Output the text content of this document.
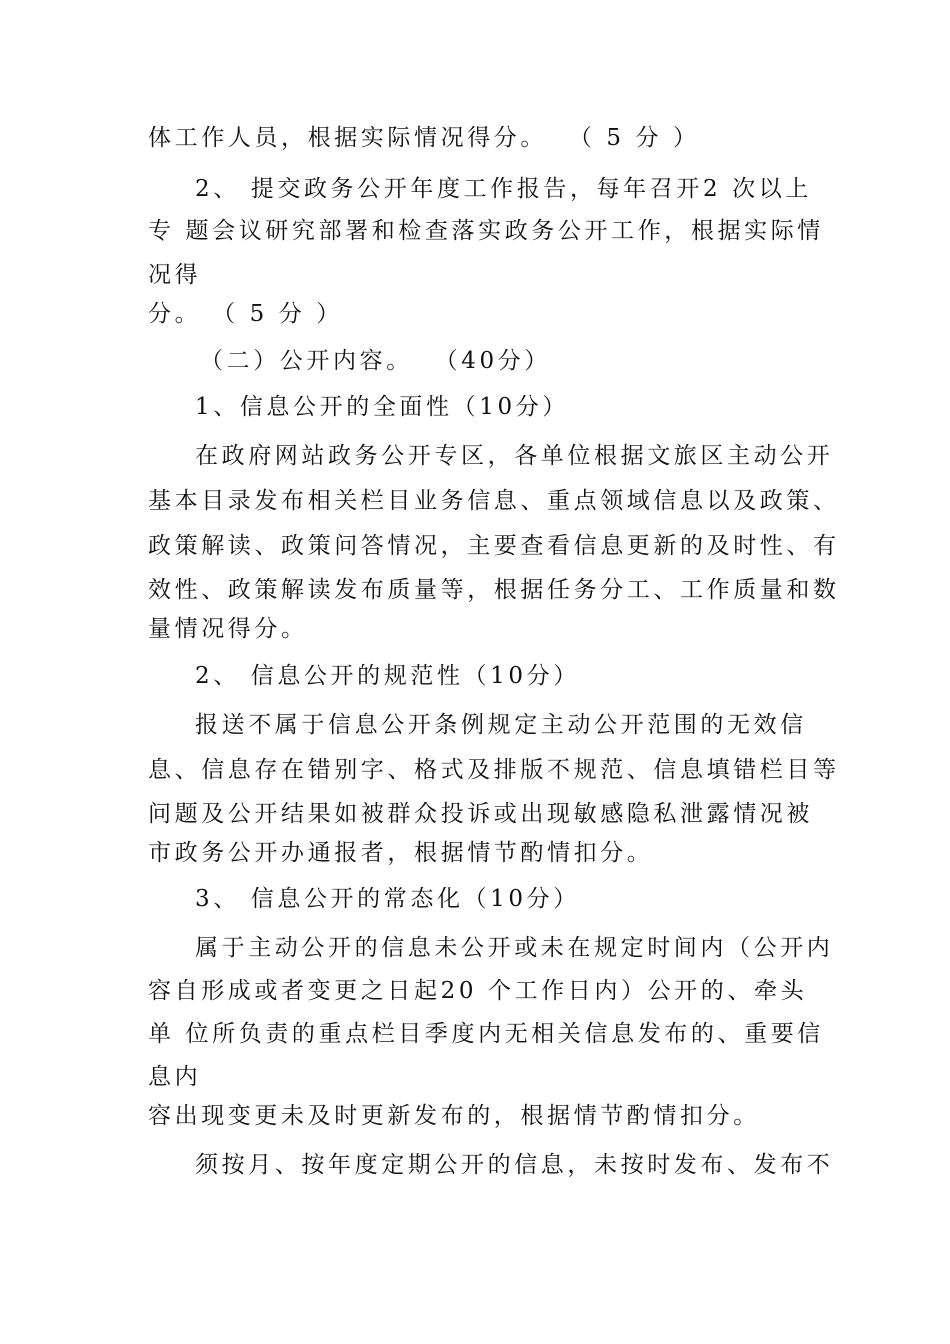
体工作人员，根据实际情况得分。  （ 5 分 ）
2、 提交政务公开年度工作报告，每年召开2 次以上
专 题会议研究部署和检查落实政务公开工作，根据实际情
况得
分。 （ 5 分 ）
（二）公开内容。  （40分）
1、信息公开的全面性（10分）
在政府网站政务公开专区，各单位根据文旅区主动公开
基本目录发布相关栏目业务信息、重点领域信息以及政策、
政策解读、政策问答情况，主要查看信息更新的及时性、有
效性、政策解读发布质量等，根据任务分工、工作质量和数
量情况得分。
2、 信息公开的规范性（10分）
报送不属于信息公开条例规定主动公开范围的无效信
息、信息存在错别字、格式及排版不规范、信息填错栏目等
问题及公开结果如被群众投诉或出现敏感隐私泄露情况被
市政务公开办通报者，根据情节酌情扣分。
3、 信息公开的常态化（10分）
属于主动公开的信息未公开或未在规定时间内（公开内
容自形成或者变更之日起20 个工作日内）公开的、牵头
单 位所负责的重点栏目季度内无相关信息发布的、重要信
息内
容出现变更未及时更新发布的，根据情节酌情扣分。
须按月、按年度定期公开的信息，未按时发布、发布不
